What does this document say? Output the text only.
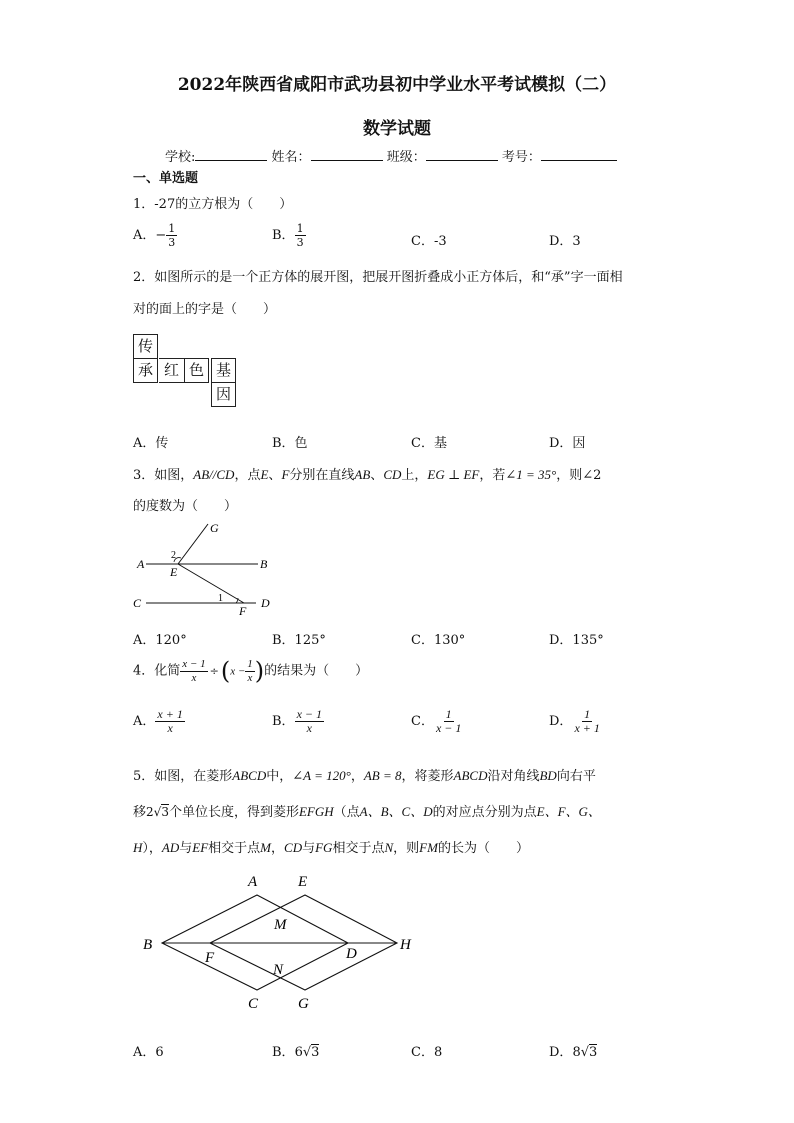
2022年陕西省咸阳市武功县初中学业水平考试模拟（二）
数学试题
学校:	姓名：	班级：	考号：
一、单选题
1．-27的立方根为（　　）
A．− $\frac{1}{3}$	B． $\frac{1}{3}$	C．-3	D．3
2．如图所示的是一个正方体的展开图，把展开图折叠成小正方体后，和“承”字一面相
对的面上的字是（　　）
传
承 红 色 基
因
A．传	B．色	C．基	D．因
3．如图，AB//CD，点E、F分别在直线AB、CD上，EG ⊥ EF，若∠1 = 35°，则∠2
的度数为（　　）
G
2
A
E
B
C	1
F
D
A．120°	B．125°	C．130°	D．135°
4．化简 $\frac{x - 1}{x} \div(x - \frac{1}{x}$ )的结果为（　　）
A． $\frac{x + 1}{x}$	B． $\frac{x - 1}{x}$	C． $\frac{1}{x - 1}$	D． $\frac{1}{x + 1}$
5．如图，在菱形ABCD中，∠A = 120°，AB = 8，将菱形ABCD沿对角线BD向右平
移2√3个单位长度，得到菱形EFGH（点A、B、C、D的对应点分别为点E、F、G、
H），AD与EF相交于点M，CD与FG相交于点N，则FM的长为（　　）
A	E
M
B
F	D
H
N
C	G
A．6	B．6√3	C．8	D．8√3
